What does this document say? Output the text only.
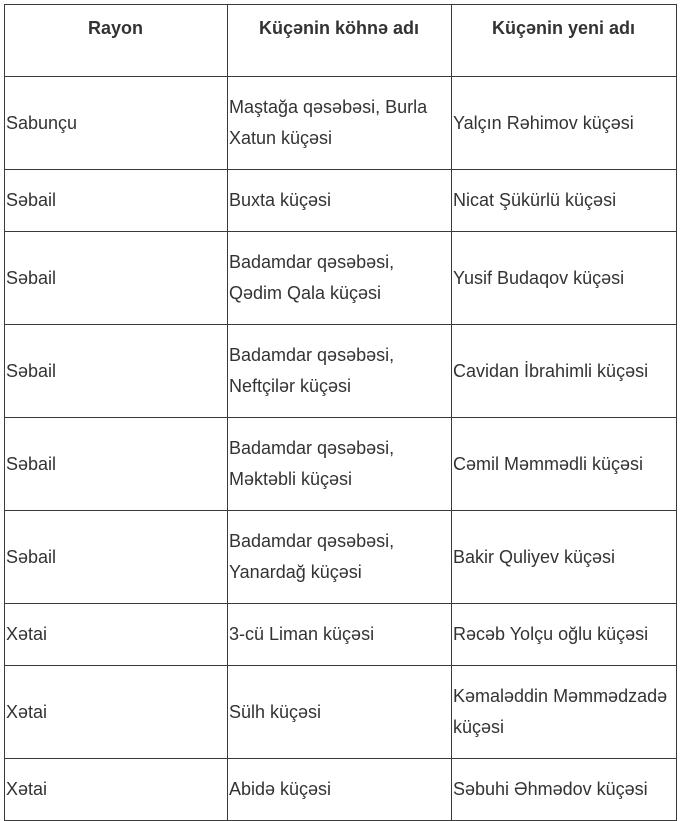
Rayon	Küçənin köhnə adı	Küçənin yeni adı
Sabunçu	Maştağa qəsəbəsi, Burla Xatun küçəsi	Yalçın Rəhimov küçəsi
Səbail	Buxta küçəsi	Nicat Şükürlü küçəsi
Səbail	Badamdar qəsəbəsi, Qədim Qala küçəsi	Yusif Budaqov küçəsi
Səbail	Badamdar qəsəbəsi, Neftçilər küçəsi	Cavidan İbrahimli küçəsi
Səbail	Badamdar qəsəbəsi, Məktəbli küçəsi	Cəmil Məmmədli küçəsi
Səbail	Badamdar qəsəbəsi, Yanardağ küçəsi	Bakir Quliyev küçəsi
Xətai	3-cü Liman küçəsi	Rəcəb Yolçu oğlu küçəsi
Xətai	Sülh küçəsi	Kəmaləddin Məmmədzadə küçəsi
Xətai	Abidə küçəsi	Səbuhi Əhmədov küçəsi
